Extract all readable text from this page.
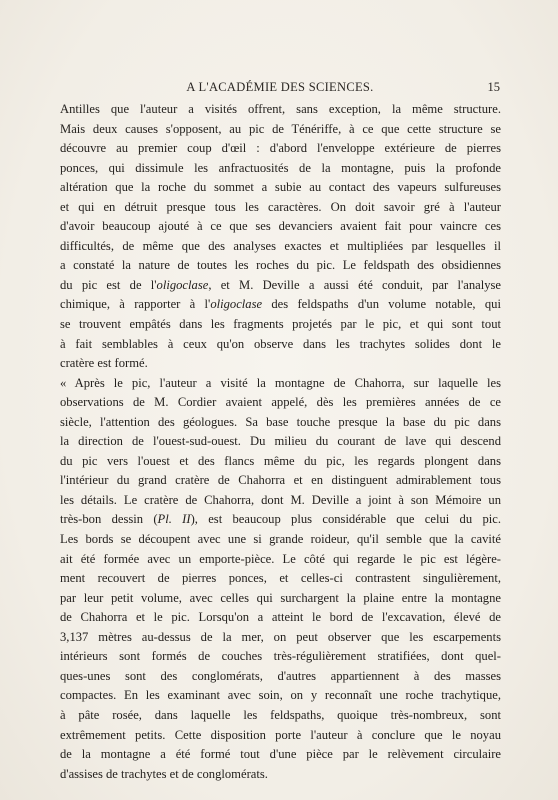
A L'ACADÉMIE DES SCIENCES.	15
Antilles que l'auteur a visités offrent, sans exception, la même structure.
Mais deux causes s'opposent, au pic de Ténériffe, à ce que cette structure se
découvre au premier coup d'œil : d'abord l'enveloppe extérieure de pierres
ponces, qui dissimule les anfractuosités de la montagne, puis la profonde
altération que la roche du sommet a subie au contact des vapeurs sulfureuses
et qui en détruit presque tous les caractères. On doit savoir gré à l'auteur
d'avoir beaucoup ajouté à ce que ses devanciers avaient fait pour vaincre ces
difficultés, de même que des analyses exactes et multipliées par lesquelles il
a constaté la nature de toutes les roches du pic. Le feldspath des obsidiennes
du pic est de l'oligoclase, et M. Deville a aussi été conduit, par l'analyse
chimique, à rapporter à l'oligoclase des feldspaths d'un volume notable, qui
se trouvent empâtés dans les fragments projetés par le pic, et qui sont tout
à fait semblables à ceux qu'on observe dans les trachytes solides dont le
cratère est formé.
« Après le pic, l'auteur a visité la montagne de Chahorra, sur laquelle les
observations de M. Cordier avaient appelé, dès les premières années de ce
siècle, l'attention des géologues. Sa base touche presque la base du pic dans
la direction de l'ouest-sud-ouest. Du milieu du courant de lave qui descend
du pic vers l'ouest et des flancs même du pic, les regards plongent dans
l'intérieur du grand cratère de Chahorra et en distinguent admirablement tous
les détails. Le cratère de Chahorra, dont M. Deville a joint à son Mémoire un
très-bon dessin (Pl. II), est beaucoup plus considérable que celui du pic.
Les bords se découpent avec une si grande roideur, qu'il semble que la cavité
ait été formée avec un emporte-pièce. Le côté qui regarde le pic est légère-
ment recouvert de pierres ponces, et celles-ci contrastent singulièrement,
par leur petit volume, avec celles qui surchargent la plaine entre la montagne
de Chahorra et le pic. Lorsqu'on a atteint le bord de l'excavation, élevé de
3,137 mètres au-dessus de la mer, on peut observer que les escarpements
intérieurs sont formés de couches très-régulièrement stratifiées, dont quel-
ques-unes sont des conglomérats, d'autres appartiennent à des masses
compactes. En les examinant avec soin, on y reconnaît une roche trachytique,
à pâte rosée, dans laquelle les feldspaths, quoique très-nombreux, sont
extrêmement petits. Cette disposition porte l'auteur à conclure que le noyau
de la montagne a été formé tout d'une pièce par le relèvement circulaire
d'assises de trachytes et de conglomérats.
